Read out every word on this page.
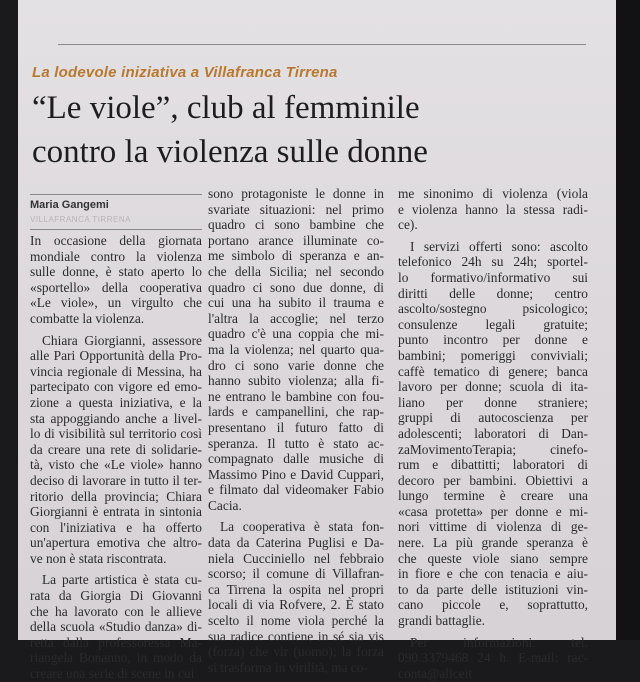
La lodevole iniziativa a Villafranca Tirrena
“Le viole”, club al femminile
contro la violenza sulle donne
Maria Gangemi
VILLAFRANCA TIRRENA
In occasione della giornata
mondiale contro la violenza
sulle donne, è stato aperto lo
«sportello» della cooperativa
«Le viole», un virgulto che
combatte la violenza.
Chiara Giorgianni, assessore
alle Pari Opportunità della Pro-
vincia regionale di Messina, ha
partecipato con vigore ed emo-
zione a questa iniziativa, e la
sta appoggiando anche a livel-
lo di visibilità sul territorio così
da creare una rete di solidarie-
tà, visto che «Le viole» hanno
deciso di lavorare in tutto il ter-
ritorio della provincia; Chiara
Giorgianni è entrata in sintonia
con l'iniziativa e ha offerto
un'apertura emotiva che altro-
ve non è stata riscontrata.
La parte artistica è stata cu-
rata da Giorgia Di Giovanni
che ha lavorato con le allieve
della scuola «Studio danza» di-
retta dalla professoressa Ma-
riangela Bonanno, in modo da
creare una serie di scene in cui
sono protagoniste le donne in
svariate situazioni: nel primo
quadro ci sono bambine che
portano arance illuminate co-
me simbolo di speranza e an-
che della Sicilia; nel secondo
quadro ci sono due donne, di
cui una ha subito il trauma e
l'altra la accoglie; nel terzo
quadro c'è una coppia che mi-
ma la violenza; nel quarto qua-
dro ci sono varie donne che
hanno subito violenza; alla fi-
ne entrano le bambine con fou-
lards e campanellini, che rap-
presentano il futuro fatto di
speranza. Il tutto è stato ac-
compagnato dalle musiche di
Massimo Pino e David Cuppari,
e filmato dal videomaker Fabio
Cacia.
La cooperativa è stata fon-
data da Caterina Puglisi e Da-
niela Cucciniello nel febbraio
scorso; il comune di Villafran-
ca Tirrena la ospita nel propri
locali di via Rofvere, 2. È stato
scelto il nome viola perché la
sua radice contiene in sé sia vis
(forza) che vir (uomo); la forza
si trasforma in virilità, ma co-
me sinonimo di violenza (viola
e violenza hanno la stessa radi-
ce).
I servizi offerti sono: ascolto
telefonico 24h su 24h; sportel-
lo formativo/informativo sui
diritti delle donne; centro
ascolto/sostegno psicologico;
consulenze legali gratuite;
punto incontro per donne e
bambini; pomeriggi conviviali;
caffè tematico di genere; banca
lavoro per donne; scuola di ita-
liano per donne straniere;
gruppi di autocoscienza per
adolescenti; laboratori di Dan-
zaMovimentoTerapia; cinefo-
rum e dibattitti; laboratori di
decoro per bambini. Obiettivi a
lungo termine è creare una
«casa protetta» per donne e mi-
nori vittime di violenza di ge-
nere. La più grande speranza è
che queste viole siano sempre
in fiore e che con tenacia e aiu-
to da parte delle istituzioni vin-
cano piccole e, soprattutto,
grandi battaglie.
Per informazioni: tel.
090.3379468 24 h. E-mail: rac-
conta@aliceit
